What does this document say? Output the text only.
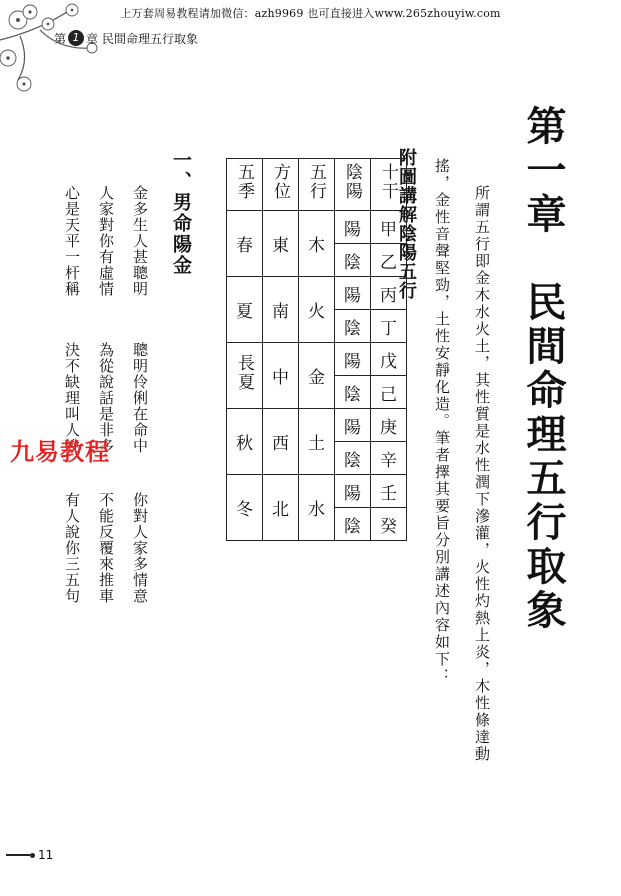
上万套周易教程请加微信：azh9969 也可直接进入www.265zhouyiw.com
第 1 章 民間命理五行取象
第一章　民間命理五行取象
所謂五行即金木水火土，其性質是水性潤下滲灌，火性灼熱上炎，木性條達動
搖，金性音聲堅勁，土性安靜化造。筆者擇其要旨分別講述內容如下：
附圖講解陰陽五行
五季	方位	五行	陰陽	十干
春	東	木	陽	甲
			陰	乙
夏	南	火	陽	丙
			陰	丁
長夏	中	金	陽	戊
			陰	己
秋	西	土	陽	庚
			陰	辛
冬	北	水	陽	壬
			陰	癸
一、男命陽金
金多生人甚聰明
聰明伶俐在命中
你對人家多情意
人家對你有虛情
為從說話是非多
不能反覆來推車
心是天平一杆稱
決不缺理叫人說
有人說你三五句
九易教程
11
